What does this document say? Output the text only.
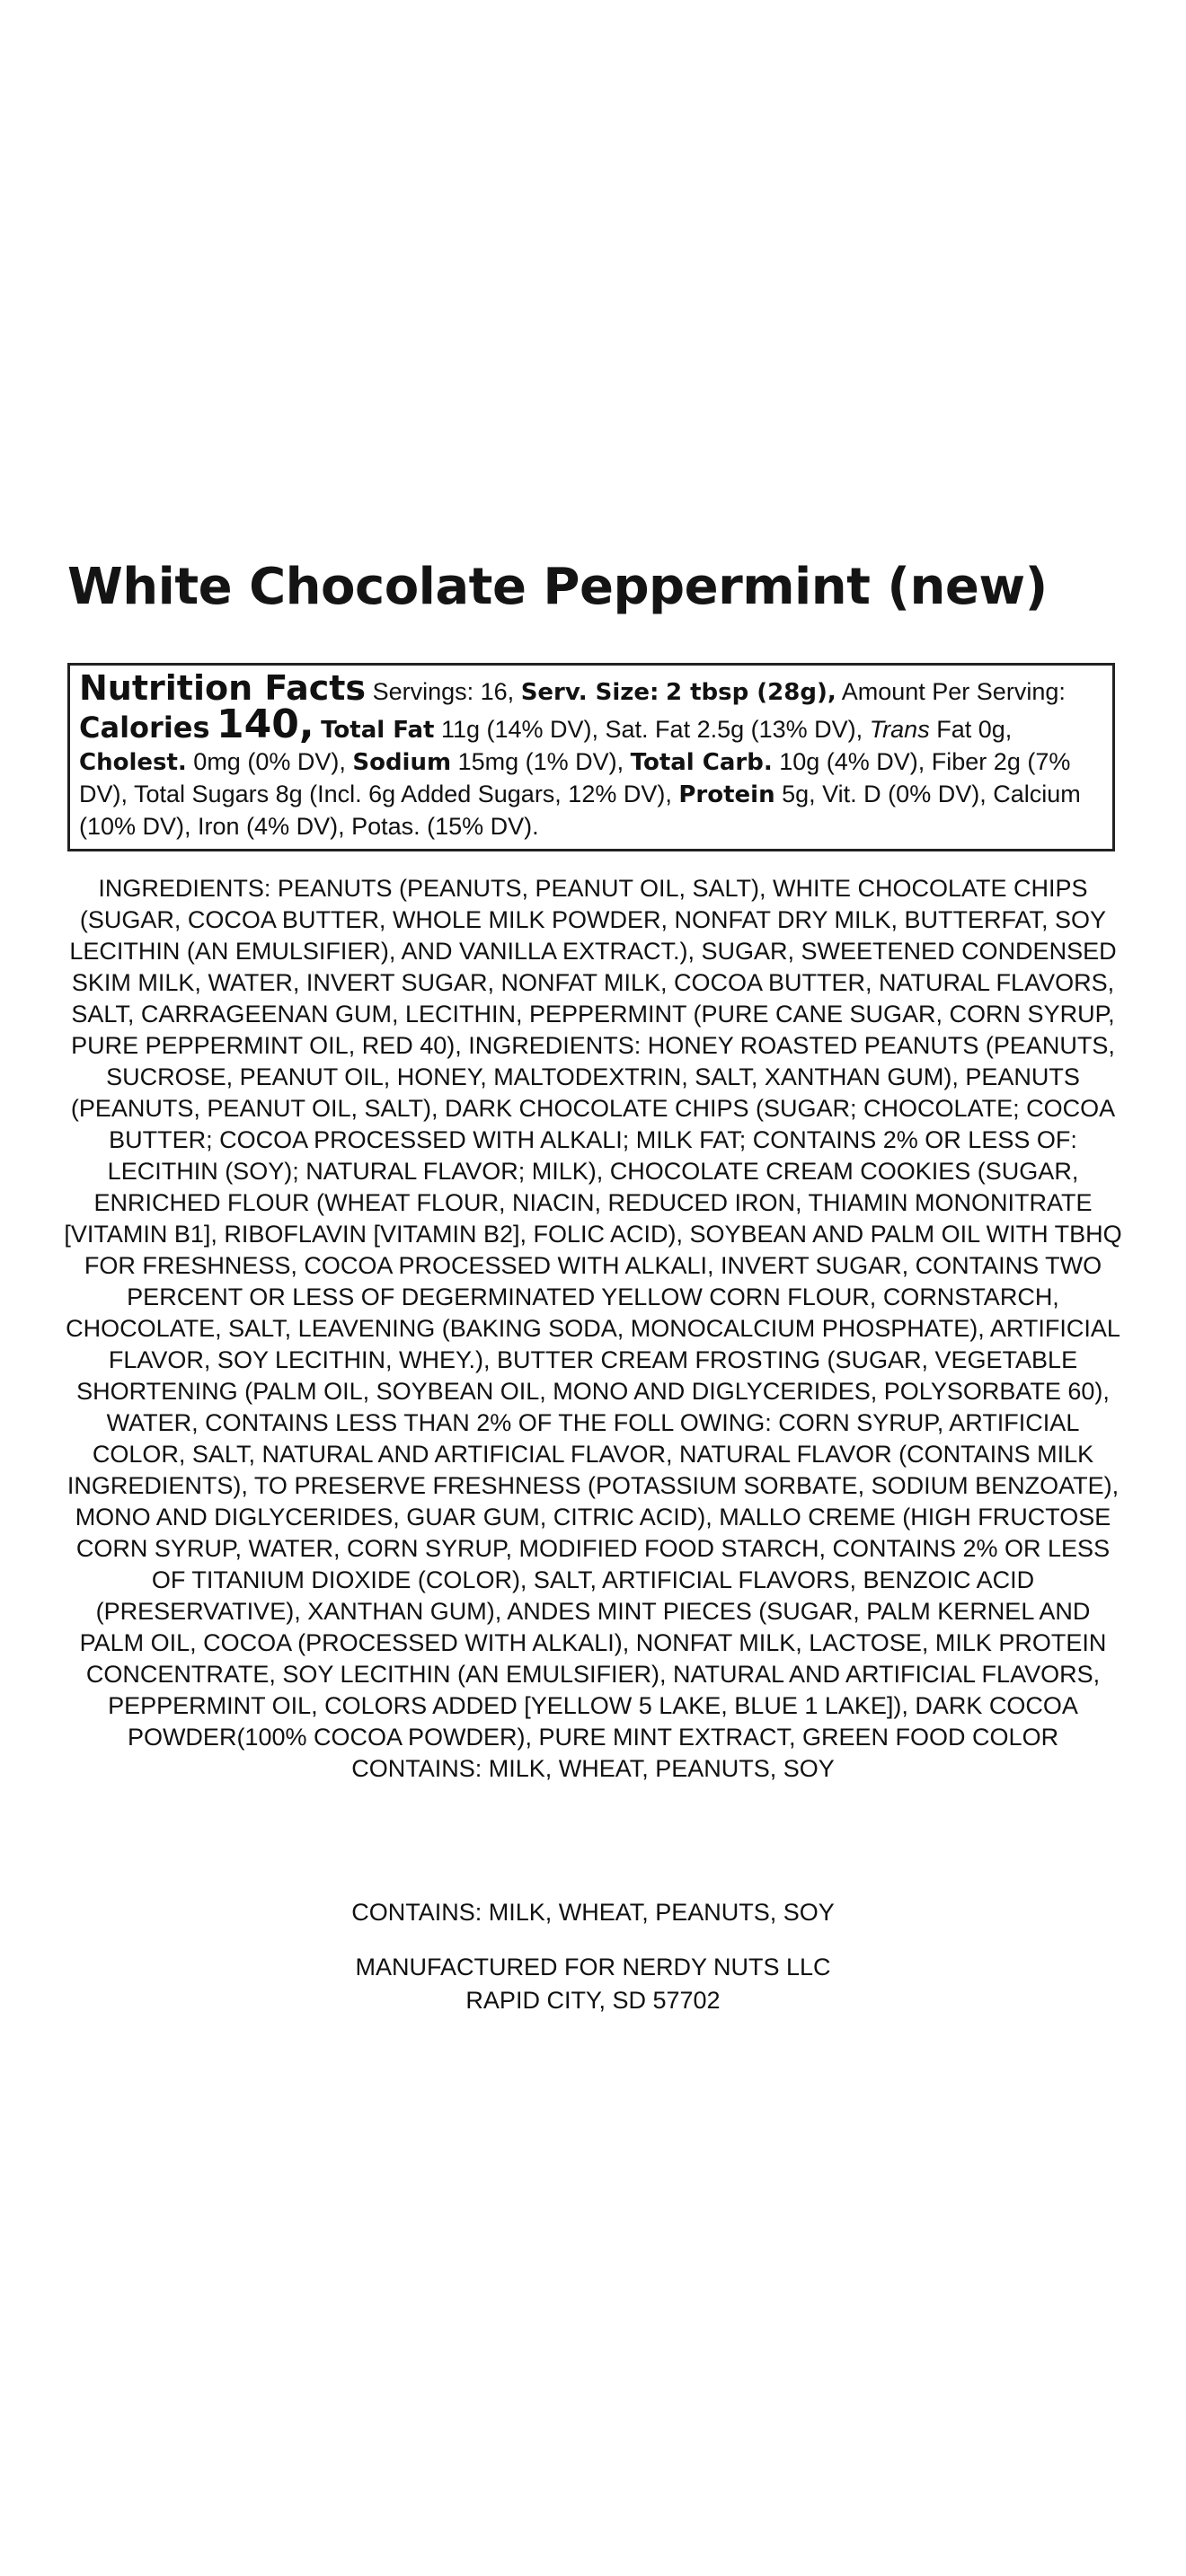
White Chocolate Peppermint (new)
Nutrition Facts Servings: 16, Serv. Size: 2 tbsp (28g), Amount Per Serving: Calories 140, Total Fat 11g (14% DV), Sat. Fat 2.5g (13% DV), Trans Fat 0g, Cholest. 0mg (0% DV), Sodium 15mg (1% DV), Total Carb. 10g (4% DV), Fiber 2g (7% DV), Total Sugars 8g (Incl. 6g Added Sugars, 12% DV), Protein 5g, Vit. D (0% DV), Calcium (10% DV), Iron (4% DV), Potas. (15% DV).

INGREDIENTS: PEANUTS (PEANUTS, PEANUT OIL, SALT), WHITE CHOCOLATE CHIPS (SUGAR, COCOA BUTTER, WHOLE MILK POWDER, NONFAT DRY MILK, BUTTERFAT, SOY LECITHIN (AN EMULSIFIER), AND VANILLA EXTRACT.), SUGAR, SWEETENED CONDENSED SKIM MILK, WATER, INVERT SUGAR, NONFAT MILK, COCOA BUTTER, NATURAL FLAVORS, SALT, CARRAGEENAN GUM, LECITHIN, PEPPERMINT (PURE CANE SUGAR, CORN SYRUP, PURE PEPPERMINT OIL, RED 40), INGREDIENTS: HONEY ROASTED PEANUTS (PEANUTS, SUCROSE, PEANUT OIL, HONEY, MALTODEXTRIN, SALT, XANTHAN GUM), PEANUTS (PEANUTS, PEANUT OIL, SALT), DARK CHOCOLATE CHIPS (SUGAR; CHOCOLATE; COCOA BUTTER; COCOA PROCESSED WITH ALKALI; MILK FAT; CONTAINS 2% OR LESS OF: LECITHIN (SOY); NATURAL FLAVOR; MILK), CHOCOLATE CREAM COOKIES (SUGAR, ENRICHED FLOUR (WHEAT FLOUR, NIACIN, REDUCED IRON, THIAMIN MONONITRATE [VITAMIN B1], RIBOFLAVIN [VITAMIN B2], FOLIC ACID), SOYBEAN AND PALM OIL WITH TBHQ FOR FRESHNESS, COCOA PROCESSED WITH ALKALI, INVERT SUGAR, CONTAINS TWO PERCENT OR LESS OF DEGERMINATED YELLOW CORN FLOUR, CORNSTARCH, CHOCOLATE, SALT, LEAVENING (BAKING SODA, MONOCALCIUM PHOSPHATE), ARTIFICIAL FLAVOR, SOY LECITHIN, WHEY.), BUTTER CREAM FROSTING (SUGAR, VEGETABLE SHORTENING (PALM OIL, SOYBEAN OIL, MONO AND DIGLYCERIDES, POLYSORBATE 60), WATER, CONTAINS LESS THAN 2% OF THE FOLL OWING: CORN SYRUP, ARTIFICIAL COLOR, SALT, NATURAL AND ARTIFICIAL FLAVOR, NATURAL FLAVOR (CONTAINS MILK INGREDIENTS), TO PRESERVE FRESHNESS (POTASSIUM SORBATE, SODIUM BENZOATE), MONO AND DIGLYCERIDES, GUAR GUM, CITRIC ACID), MALLO CREME (HIGH FRUCTOSE CORN SYRUP, WATER, CORN SYRUP, MODIFIED FOOD STARCH, CONTAINS 2% OR LESS OF TITANIUM DIOXIDE (COLOR), SALT, ARTIFICIAL FLAVORS, BENZOIC ACID (PRESERVATIVE), XANTHAN GUM), ANDES MINT PIECES (SUGAR, PALM KERNEL AND PALM OIL, COCOA (PROCESSED WITH ALKALI), NONFAT MILK, LACTOSE, MILK PROTEIN CONCENTRATE, SOY LECITHIN (AN EMULSIFIER), NATURAL AND ARTIFICIAL FLAVORS, PEPPERMINT OIL, COLORS ADDED [YELLOW 5 LAKE, BLUE 1 LAKE]), DARK COCOA POWDER(100% COCOA POWDER), PURE MINT EXTRACT, GREEN FOOD COLOR CONTAINS: MILK, WHEAT, PEANUTS, SOY

CONTAINS: MILK, WHEAT, PEANUTS, SOY

MANUFACTURED FOR NERDY NUTS LLC
RAPID CITY, SD 57702
